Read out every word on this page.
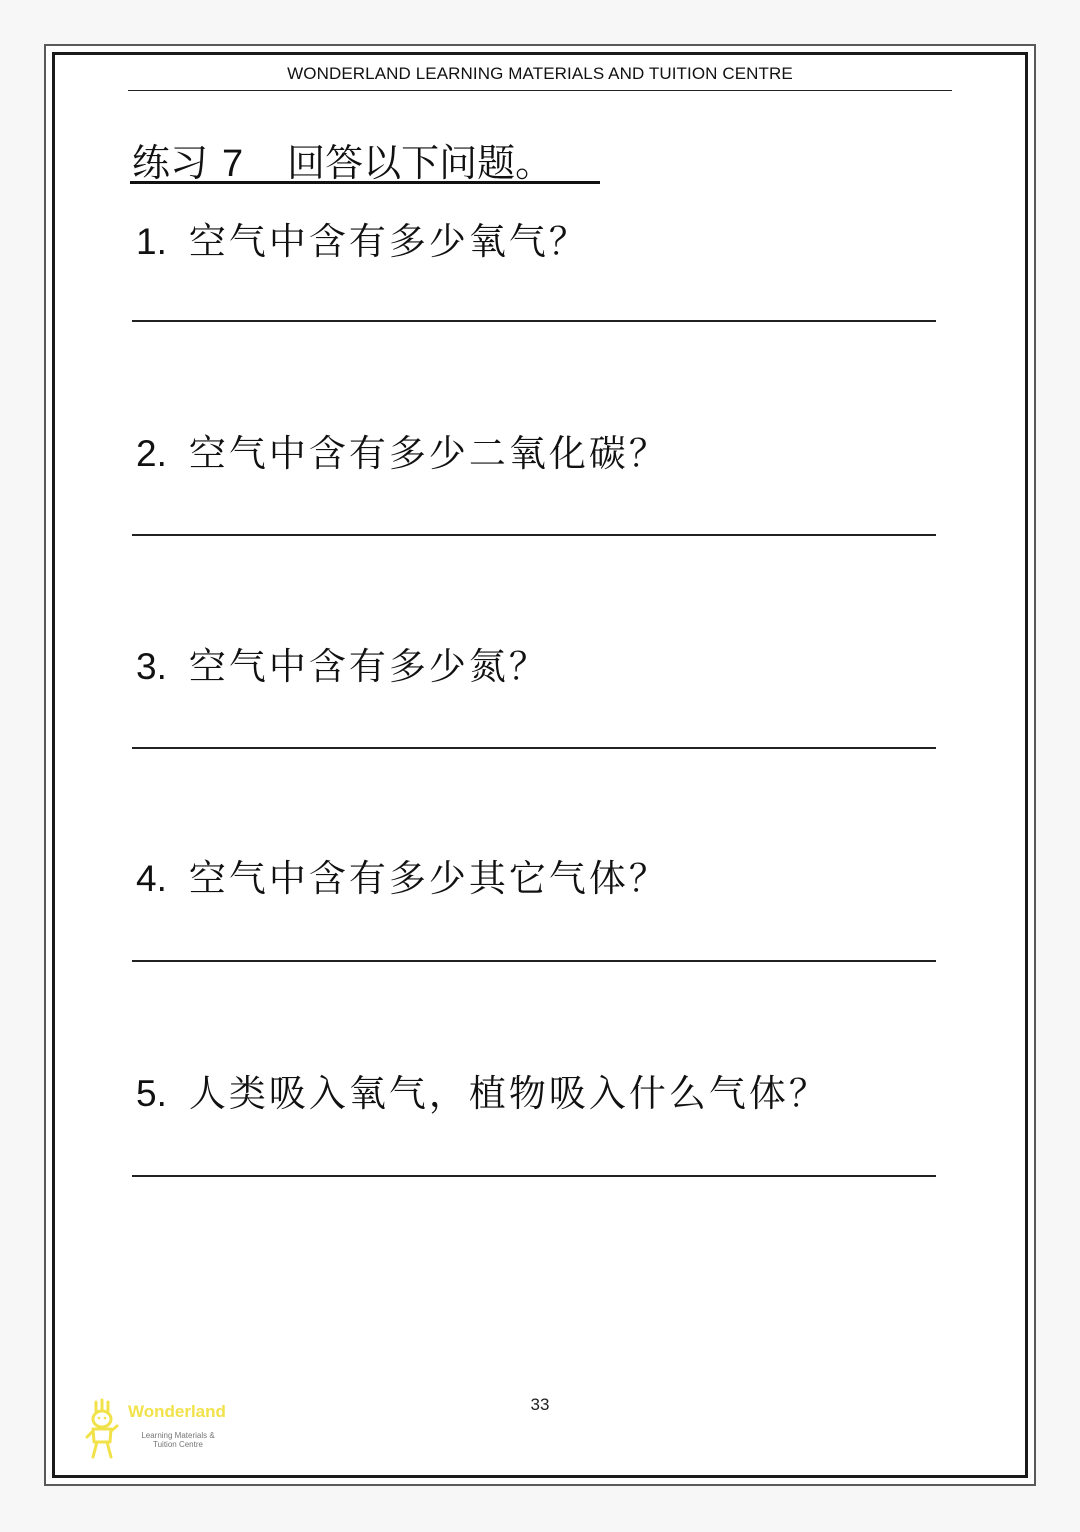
WONDERLAND LEARNING MATERIALS AND TUITION CENTRE
练习 7 回答以下问题。
1. 空气中含有多少氧气？
2. 空气中含有多少二氧化碳？
3. 空气中含有多少氮？
4. 空气中含有多少其它气体？
5. 人类吸入氧气，植物吸入什么气体？
33
Wonderland
Learning Materials &
Tuition Centre
